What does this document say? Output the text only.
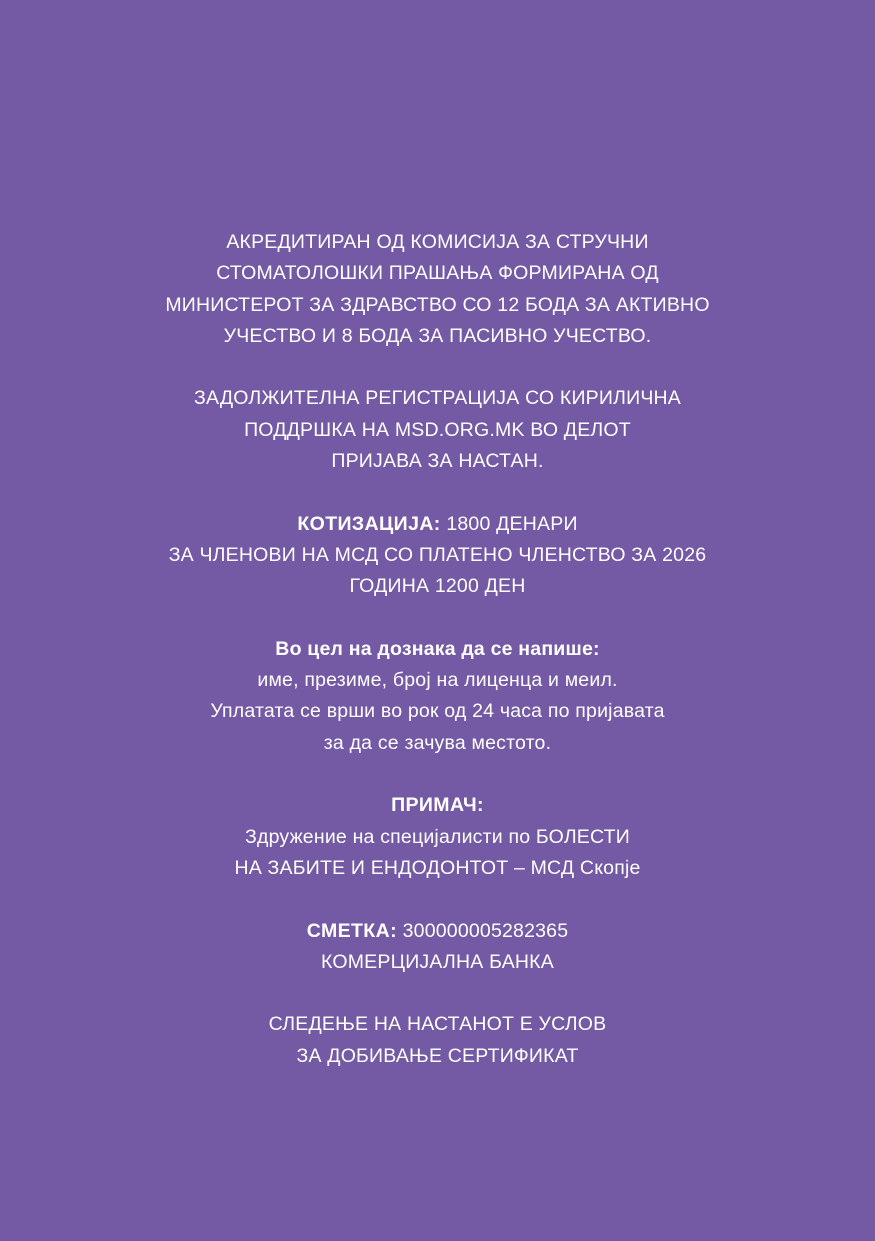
АКРЕДИТИРАН ОД КОМИСИЈА ЗА СТРУЧНИ
СТОМАТОЛОШКИ ПРАШАЊА ФОРМИРАНА ОД
МИНИСТЕРОТ ЗА ЗДРАВСТВО СО 12 БОДА ЗА АКТИВНО
УЧЕСТВО И 8 БОДА ЗА ПАСИВНО УЧЕСТВО.
ЗАДОЛЖИТЕЛНА РЕГИСТРАЦИЈА СО КИРИЛИЧНА
ПОДДРШКА НА MSD.ORG.MK ВО ДЕЛОТ
ПРИЈАВА ЗА НАСТАН.
КОТИЗАЦИЈА: 1800 ДЕНАРИ
ЗА ЧЛЕНОВИ НА МСД СО ПЛАТЕНО ЧЛЕНСТВО ЗА 2026
ГОДИНА 1200 ДЕН
Во цел на дознака да се напише:
име, презиме, број на лиценца и меил.
Уплатата се врши во рок од 24 часа по пријавата
за да се зачува местото.
ПРИМАЧ:
Здружение на специјалисти по БОЛЕСТИ
НА ЗАБИТЕ И ЕНДОДОНТОТ – МСД Скопје
СМЕТКА: 300000005282365
КОМЕРЦИЈАЛНА БАНКА
СЛЕДЕЊЕ НА НАСТАНОТ Е УСЛОВ
ЗА ДОБИВАЊЕ СЕРТИФИКАТ
